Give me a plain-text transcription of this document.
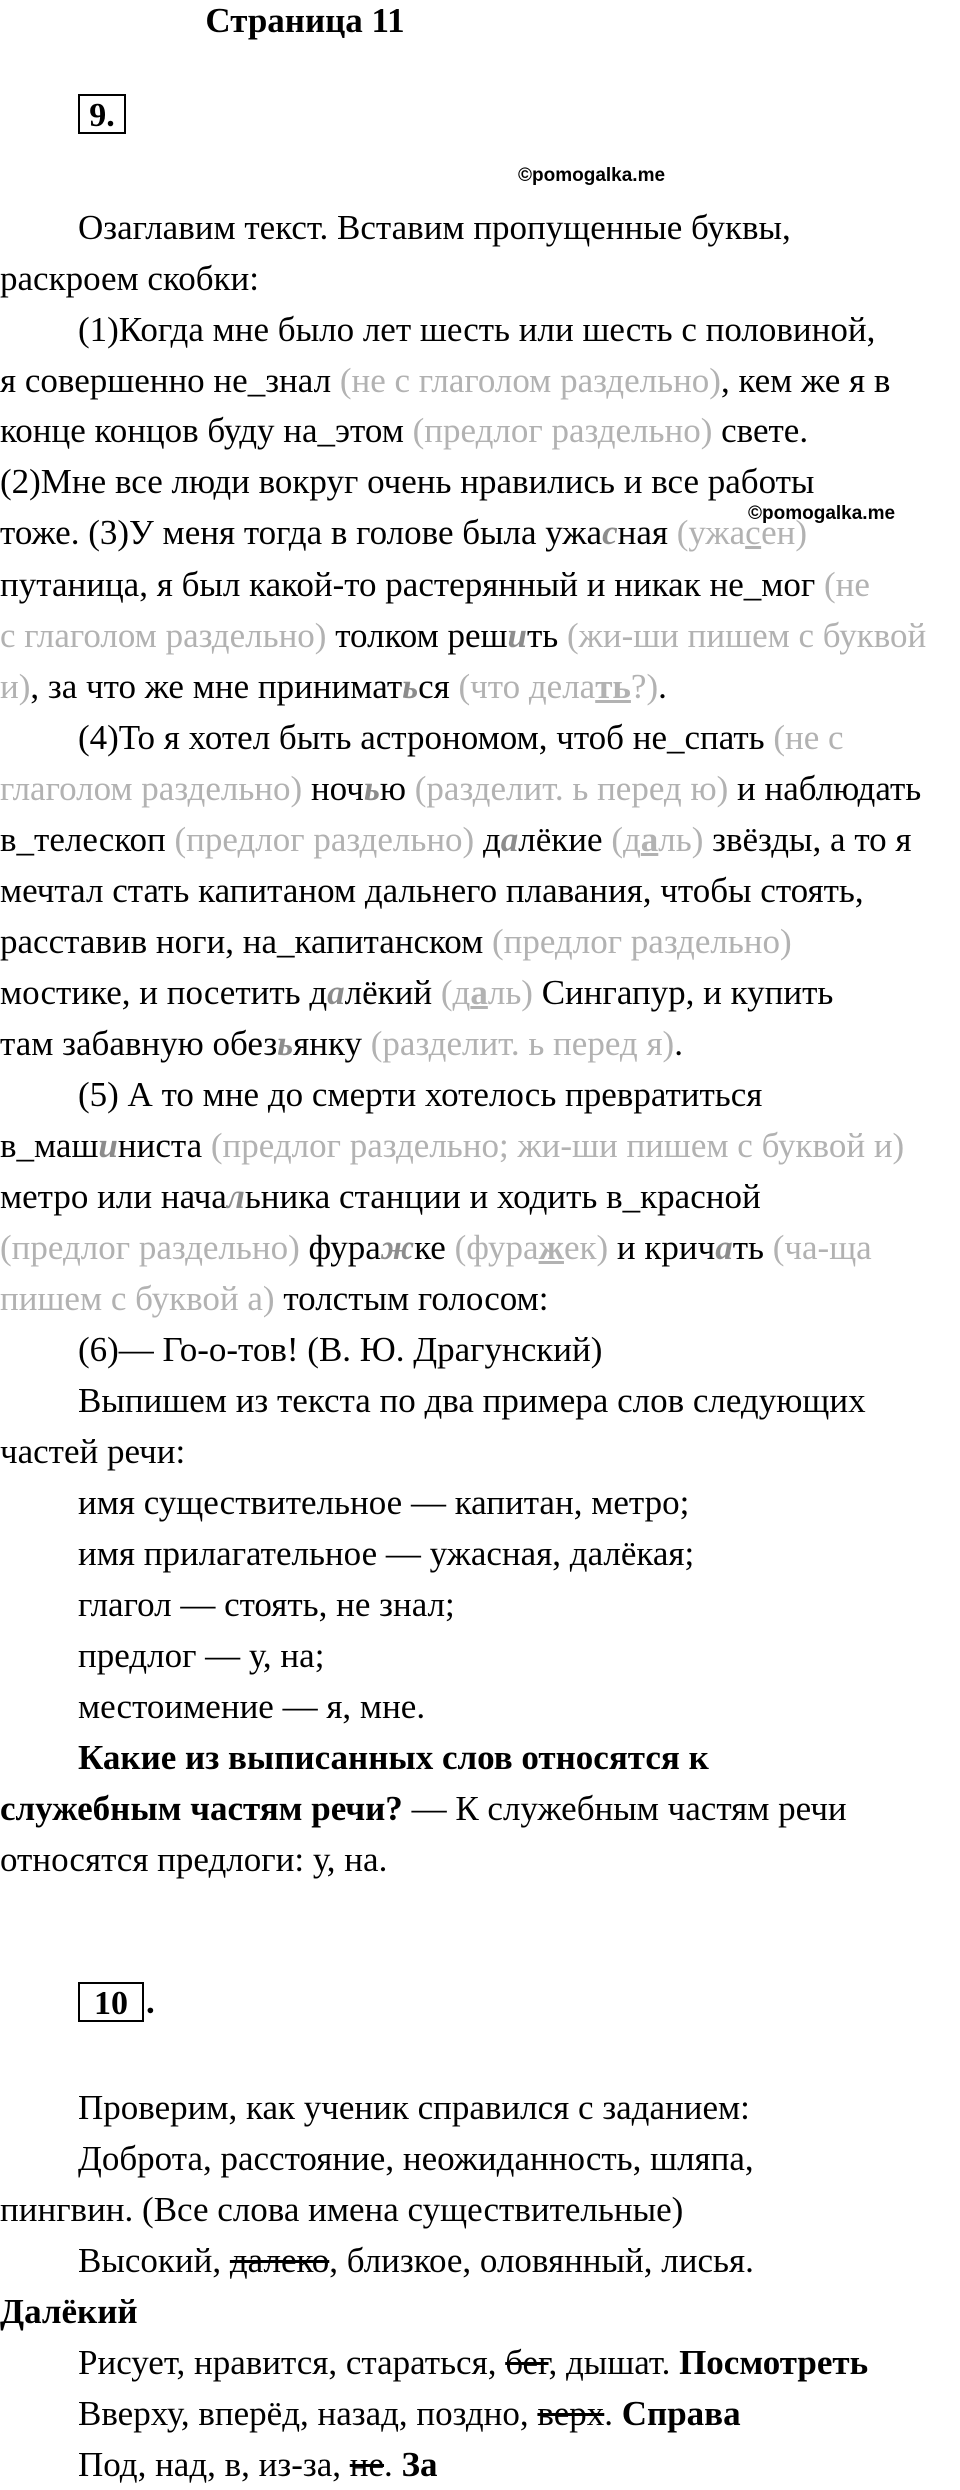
Страница 11
9.
©pomogalka.me
Озаглавим текст. Вставим пропущенные буквы,
раскроем скобки:
(1)Когда мне было лет шесть или шесть с половиной,
я совершенно не_знал (не с глаголом раздельно), кем же я в
конце концов буду на_этом (предлог раздельно) свете.
(2)Мне все люди вокруг очень нравились и все работы
©pomogalka.me
тоже. (3)У меня тогда в голове была ужасная (ужасен)
путаница, я был какой-то растерянный и никак не_мог (не
с глаголом раздельно) толком решить (жи-ши пишем с буквой
и), за что же мне приниматься (что делать?).
(4)То я хотел быть астрономом, чтоб не_спать (не с
глаголом раздельно) ночью (разделит. ь перед ю) и наблюдать
в_телескоп (предлог раздельно) далёкие (даль) звёзды, а то я
мечтал стать капитаном дальнего плавания, чтобы стоять,
расставив ноги, на_капитанском (предлог раздельно)
мостике, и посетить далёкий (даль) Сингапур, и купить
там забавную обезьянку (разделит. ь перед я).
(5) А то мне до смерти хотелось превратиться
в_машиниста (предлог раздельно; жи-ши пишем с буквой и)
метро или начальника станции и ходить в_красной
(предлог раздельно) фуражке (фуражек) и кричать (ча-ща
пишем с буквой а) толстым голосом:
(6)— Го-о-тов! (В. Ю. Драгунский)
Выпишем из текста по два примера слов следующих
частей речи:
имя существительное — капитан, метро;
имя прилагательное — ужасная, далёкая;
глагол — стоять, не знал;
предлог — у, на;
местоимение — я, мне.
Какие из выписанных слов относятся к
служебным частям речи? — К служебным частям речи
относятся предлоги: у, на.
10 .
Проверим, как ученик справился с заданием:
Доброта, расстояние, неожиданность, шляпа,
пингвин. (Все слова имена существительные)
Высокий, далеко, близкое, оловянный, лисья.
Далёкий
Рисует, нравится, стараться, бег, дышат. Посмотреть
Вверху, вперёд, назад, поздно, верх. Справа
Под, над, в, из-за, не. За
